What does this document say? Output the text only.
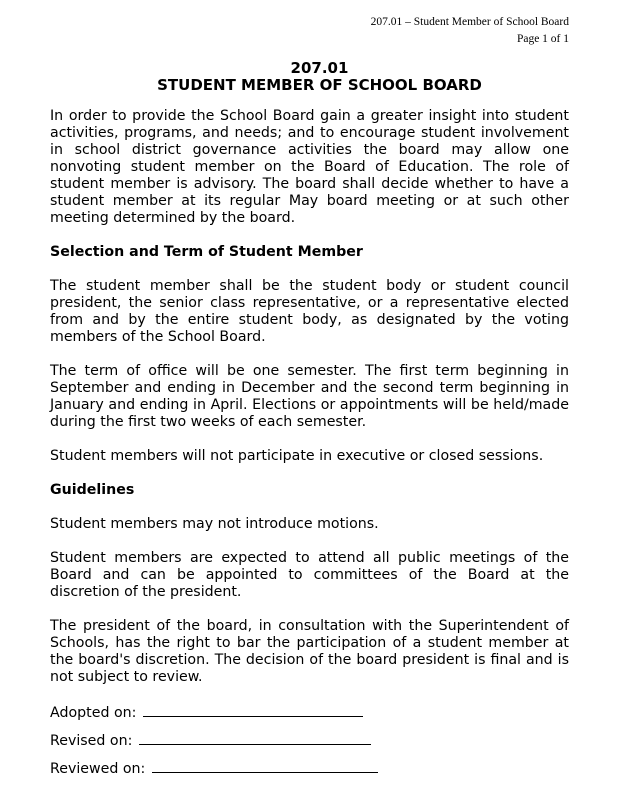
207.01 – Student Member of School Board
Page 1 of 1
207.01
STUDENT MEMBER OF SCHOOL BOARD

In order to provide the School Board gain a greater insight into student activities, programs, and needs; and to encourage student involvement in school district governance activities the board may allow one nonvoting student member on the Board of Education. The role of student member is advisory. The board shall decide whether to have a student member at its regular May board meeting or at such other meeting determined by the board.

Selection and Term of Student Member

The student member shall be the student body or student council president, the senior class representative, or a representative elected from and by the entire student body, as designated by the voting members of the School Board.

The term of office will be one semester. The first term beginning in September and ending in December and the second term beginning in January and ending in April. Elections or appointments will be held/made during the first two weeks of each semester.

Student members will not participate in executive or closed sessions.

Guidelines

Student members may not introduce motions.

Student members are expected to attend all public meetings of the Board and can be appointed to committees of the Board at the discretion of the president.

The president of the board, in consultation with the Superintendent of Schools, has the right to bar the participation of a student member at the board's discretion. The decision of the board president is final and is not subject to review.

Adopted on:
Revised on:
Reviewed on:
